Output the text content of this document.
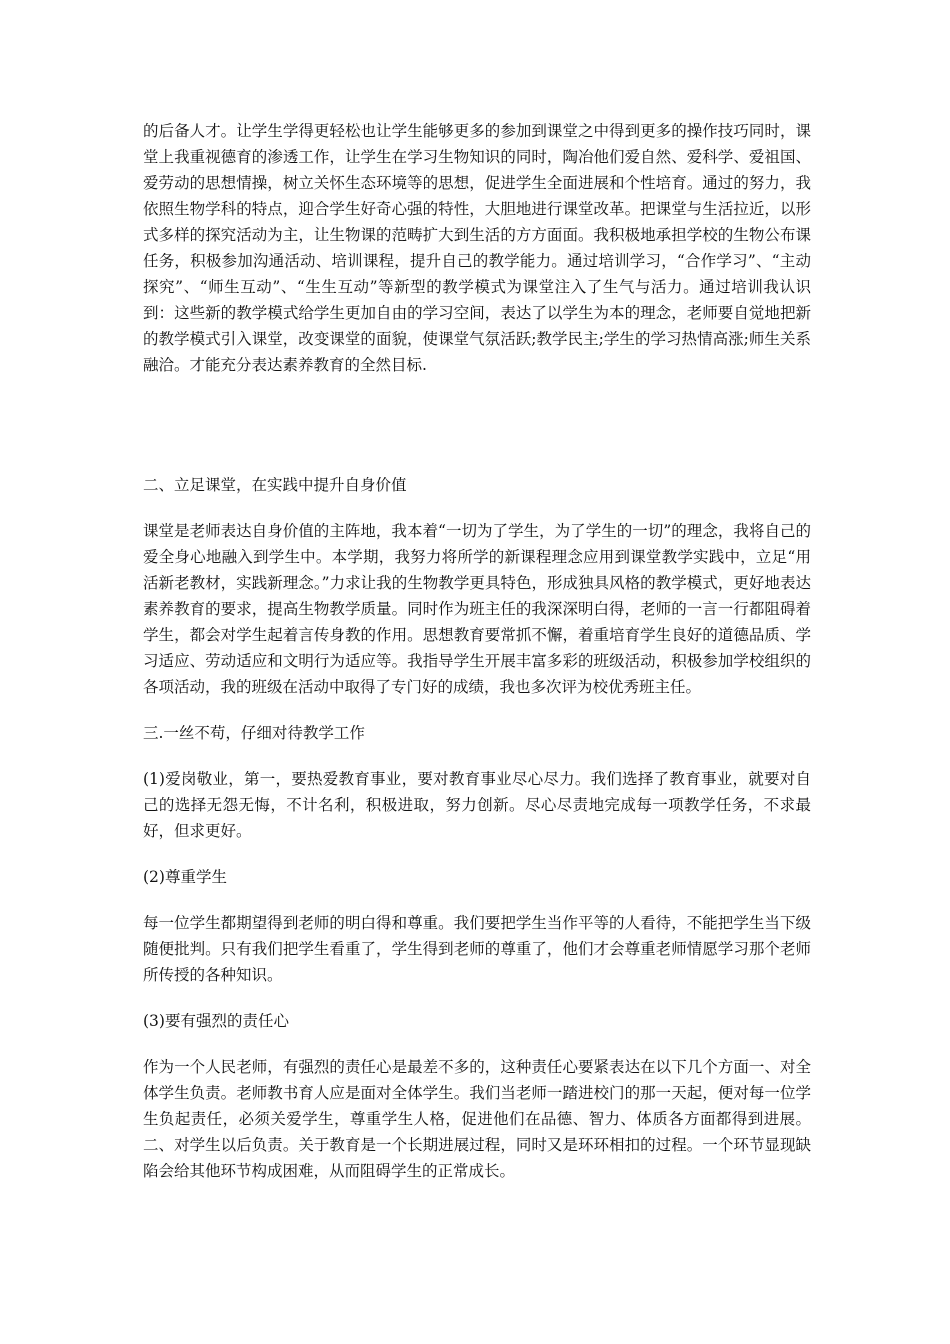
的后备人才。让学生学得更轻松也让学生能够更多的参加到课堂之中得到更多的操作技巧同时，课堂上我重视德育的渗透工作，让学生在学习生物知识的同时，陶冶他们爱自然、爱科学、爱祖国、爱劳动的思想情操，树立关怀生态环境等的思想，促进学生全面进展和个性培育。通过的努力，我依照生物学科的特点，迎合学生好奇心强的特性，大胆地进行课堂改革。把课堂与生活拉近，以形式多样的探究活动为主，让生物课的范畴扩大到生活的方方面面。我积极地承担学校的生物公布课任务，积极参加沟通活动、培训课程，提升自己的教学能力。通过培训学习，“合作学习”、“主动探究”、“师生互动”、“生生互动”等新型的教学模式为课堂注入了生气与活力。通过培训我认识到：这些新的教学模式给学生更加自由的学习空间，表达了以学生为本的理念，老师要自觉地把新的教学模式引入课堂，改变课堂的面貌，使课堂气氛活跃;教学民主;学生的学习热情高涨;师生关系融洽。才能充分表达素养教育的全然目标.

二、立足课堂，在实践中提升自身价值

课堂是老师表达自身价值的主阵地，我本着“一切为了学生，为了学生的一切”的理念，我将自己的爱全身心地融入到学生中。本学期，我努力将所学的新课程理念应用到课堂教学实践中，立足“用活新老教材，实践新理念。”力求让我的生物教学更具特色，形成独具风格的教学模式，更好地表达素养教育的要求，提高生物教学质量。同时作为班主任的我深深明白得，老师的一言一行都阻碍着学生，都会对学生起着言传身教的作用。思想教育要常抓不懈，着重培育学生良好的道德品质、学习适应、劳动适应和文明行为适应等。我指导学生开展丰富多彩的班级活动，积极参加学校组织的各项活动，我的班级在活动中取得了专门好的成绩，我也多次评为校优秀班主任。

三.一丝不苟，仔细对待教学工作

(1)爱岗敬业，第一，要热爱教育事业，要对教育事业尽心尽力。我们选择了教育事业，就要对自己的选择无怨无悔，不计名利，积极进取，努力创新。尽心尽责地完成每一项教学任务，不求最好，但求更好。

(2)尊重学生

每一位学生都期望得到老师的明白得和尊重。我们要把学生当作平等的人看待，不能把学生当下级随便批判。只有我们把学生看重了，学生得到老师的尊重了，他们才会尊重老师情愿学习那个老师所传授的各种知识。

(3)要有强烈的责任心

作为一个人民老师，有强烈的责任心是最差不多的，这种责任心要紧表达在以下几个方面一、对全体学生负责。老师教书育人应是面对全体学生。我们当老师一踏进校门的那一天起，便对每一位学生负起责任，必须关爱学生，尊重学生人格，促进他们在品德、智力、体质各方面都得到进展。二、对学生以后负责。关于教育是一个长期进展过程，同时又是环环相扣的过程。一个环节显现缺陷会给其他环节构成困难，从而阻碍学生的正常成长。
